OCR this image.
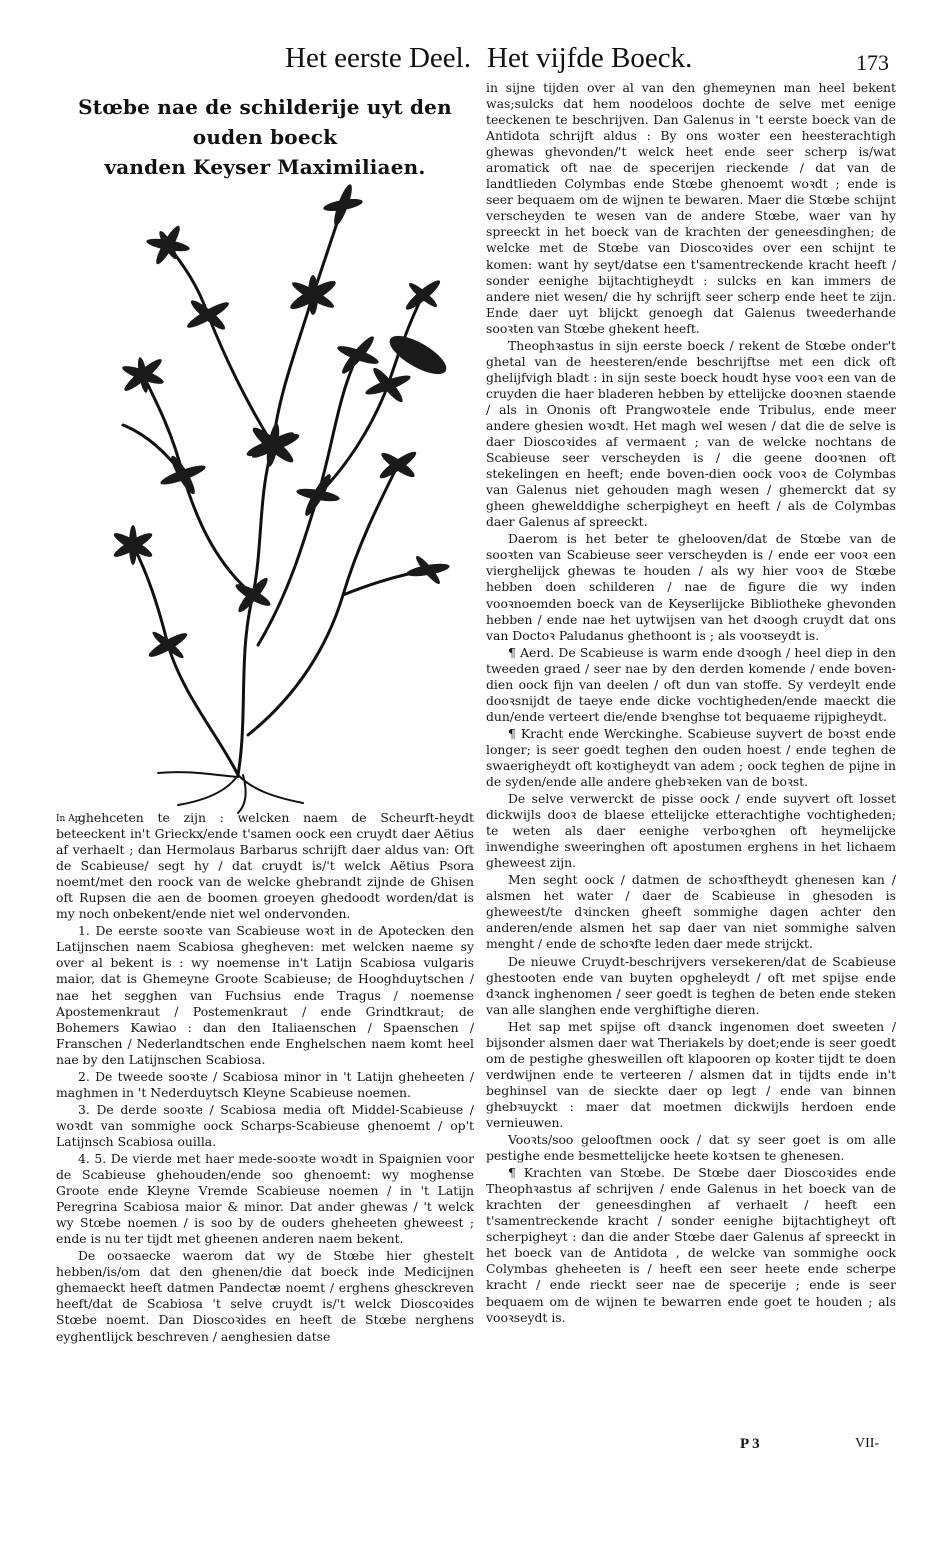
Het eerste Deel. Het vijfde Boeck.	173
Stœbe nae de schilderije uyt den ouden boeck
vanden Keyser Maximiliaen.
In Ap.

ghehceten te zijn : welcken naem de Scheurft-heydt beteeckent in't Grieckx/ende t'samen oock een cruydt daer Aëtius af verhaelt ; dan Hermolaus Barbarus schrijft daer aldus van: Oft de Scabieuse/ segt hy / dat cruydt is/'t welck Aëtius Psora noemt/met den roock van de welcke ghebrandt zijnde de Ghisen oft Rupsen die aen de boomen groeyen ghedoodt worden/dat is my noch onbekent/ende niet wel ondervonden.

1. De eerste sooꝛte van Scabieuse woꝛt in de Apotecken den Latijnschen naem Scabiosa ghegheven: met welcken naeme sy over al bekent is : wy noemense in't Latijn Scabiosa vulgaris maior, dat is Ghemeyne Groote Scabieuse; de Hooghduytschen / nae het segghen van Fuchsius ende Tragus / noemense Apostemenkraut / Postemenkraut / ende Grindtkraut; de Bohemers Kawiao : dan den Italiaenschen / Spaenschen / Franschen / Nederlandtschen ende Enghelschen naem komt heel nae by den Latijnschen Scabiosa.

2. De tweede sooꝛte / Scabiosa minor in 't Latijn gheheeten / maghmen in 't Nederduytsch Kleyne Scabieuse noemen.

3. De derde sooꝛte / Scabiosa media oft Middel-Scabieuse / woꝛdt van sommighe oock Scharps-Scabieuse ghenoemt / op't Latijnsch Scabiosa ouilla.

4. 5. De vierde met haer mede-sooꝛte woꝛdt in Spaignien voor de Scabieuse ghehouden/ende soo ghenoemt: wy moghense Groote ende Kleyne Vremde Scabieuse noemen / in 't Latijn Peregrina Scabiosa maior & minor. Dat ander ghewas / 't welck wy Stœbe noemen / is soo by de ouders gheheeten gheweest ; ende is nu ter tijdt met gheenen anderen naem bekent.

De ooꝛsaecke waerom dat wy de Stœbe hier ghestelt hebben/is/om dat den ghenen/die dat boeck inde Medicijnen ghemaeckt heeft datmen Pandectæ noemt / erghens ghesckreven heeft/dat de Scabiosa 't selve cruydt is/'t welck Dioscoꝛides Stœbe noemt. Dan Dioscoꝛides en heeft de Stœbe nerghens eyghentlijck beschreven / aenghesien datse

in sijne tijden over al van den ghemeynen man heel bekent was;sulcks dat hem noodeloos dochte de selve met eenige teeckenen te beschrijven. Dan Galenus in 't eerste boeck van de Antidota schrijft aldus : By ons woꝛter een heesterachtigh ghewas ghevonden/'t welck heet ende seer scherp is/wat aromatick oft nae de specerijen rieckende / dat van de landtlieden Colymbas ende Stœbe ghenoemt woꝛdt ; ende is seer bequaem om de wijnen te bewaren. Maer die Stœbe schijnt verscheyden te wesen van de andere Stœbe, waer van hy spreeckt in het boeck van de krachten der geneesdinghen; de welcke met de Stœbe van Dioscoꝛides over een schijnt te komen: want hy seyt/datse een t'samentreckende kracht heeft / sonder eenighe bijtachtigheydt : sulcks en kan immers de andere niet wesen/ die hy schrijft seer scherp ende heet te zijn. Ende daer uyt blijckt genoegh dat Galenus tweederhande sooꝛten van Stœbe ghekent heeft.

Theophꝛastus in sijn eerste boeck / rekent de Stœbe onder't ghetal van de heesteren/ende beschrijftse met een dick oft ghelijfvigh bladt : in sijn seste boeck houdt hyse vooꝛ een van de cruyden die haer bladeren hebben by ettelijcke dooꝛnen staende / als in Ononis oft Prangwoꝛtele ende Tribulus, ende meer andere ghesien woꝛdt. Het magh wel wesen / dat die de selve is daer Dioscoꝛides af vermaent ; van de welcke nochtans de Scabieuse seer verscheyden is / die geene dooꝛnen oft stekelingen en heeft; ende boven-dien oock vooꝛ de Colymbas van Galenus niet gehouden magh wesen / ghemerckt dat sy gheen ghewelddighe scherpigheyt en heeft / als de Colymbas daer Galenus af spreeckt.

Daerom is het beter te ghelooven/dat de Stœbe van de sooꝛten van Scabieuse seer verscheyden is / ende eer vooꝛ een vierghelijck ghewas te houden / als wy hier vooꝛ de Stœbe hebben doen schilderen / nae de figure die wy inden vooꝛnoemden boeck van de Keyserlijcke Bibliotheke ghevonden hebben / ende nae het uytwijsen van het dꝛoogh cruydt dat ons van Doctoꝛ Paludanus ghethoont is ; als vooꝛseydt is.

¶ Aerd. De Scabieuse is warm ende dꝛoogh / heel diep in den tweeden graed / seer nae by den derden komende / ende boven-dien oock fijn van deelen / oft dun van stoffe. Sy verdeylt ende dooꝛsnijdt de taeye ende dicke vochtigheden/ende maeckt die dun/ende verteert die/ende bꝛenghse tot bequaeme rijpigheydt.

¶ Kracht ende Werckinghe. Scabieuse suyvert de boꝛst ende longer; is seer goedt teghen den ouden hoest / ende teghen de swaerigheydt oft koꝛtigheydt van adem ; oock teghen de pijne in de syden/ende alle andere ghebꝛeken van de boꝛst.

De selve verwerckt de pisse oock / ende suyvert oft losset dickwijls dooꝛ de blaese ettelijcke etterachtighe vochtigheden; te weten als daer eenighe verboꝛghen oft heymelijcke inwendighe sweeringhen oft apostumen erghens in het lichaem gheweest zijn.

Men seght oock / datmen de schoꝛftheydt ghenesen kan / alsmen het water / daer de Scabieuse in ghesoden is gheweest/te dꝛincken gheeft sommighe dagen achter den anderen/ende alsmen het sap daer van niet sommighe salven menght / ende de schoꝛfte leden daer mede strijckt.

De nieuwe Cruydt-beschrijvers versekeren/dat de Scabieuse ghestooten ende van buyten opgheleydt / oft met spijse ende dꝛanck inghenomen / seer goedt is teghen de beten ende steken van alle slanghen ende verghiftighe dieren.

Het sap met spijse oft dꝛanck ingenomen doet sweeten / bijsonder alsmen daer wat Theriakels by doet;ende is seer goedt om de pestighe ghesweillen oft klapooren op koꝛter tijdt te doen verdwijnen ende te verteeren / alsmen dat in tijdts ende in't beghinsel van de sieckte daer op legt / ende van binnen ghebꝛuyckt : maer dat moetmen dickwijls herdoen ende vernieuwen.

Vooꝛts/soo gelooftmen oock / dat sy seer goet is om alle pestighe ende besmettelijcke heete koꝛtsen te ghenesen.

¶ Krachten van Stœbe. De Stœbe daer Dioscoꝛides ende Theophꝛastus af schrijven / ende Galenus in het boeck van de krachten der geneesdinghen af verhaelt / heeft een t'samentreckende kracht / sonder eenighe bijtachtigheyt oft scherpigheyt : dan die ander Stœbe daer Galenus af spreeckt in het boeck van de Antidota , de welcke van sommighe oock Colymbas gheheeten is / heeft een seer heete ende scherpe kracht / ende rieckt seer nae de specerije ; ende is seer bequaem om de wijnen te bewarren ende goet te houden ; als vooꝛseydt is.

P 3	VII-
